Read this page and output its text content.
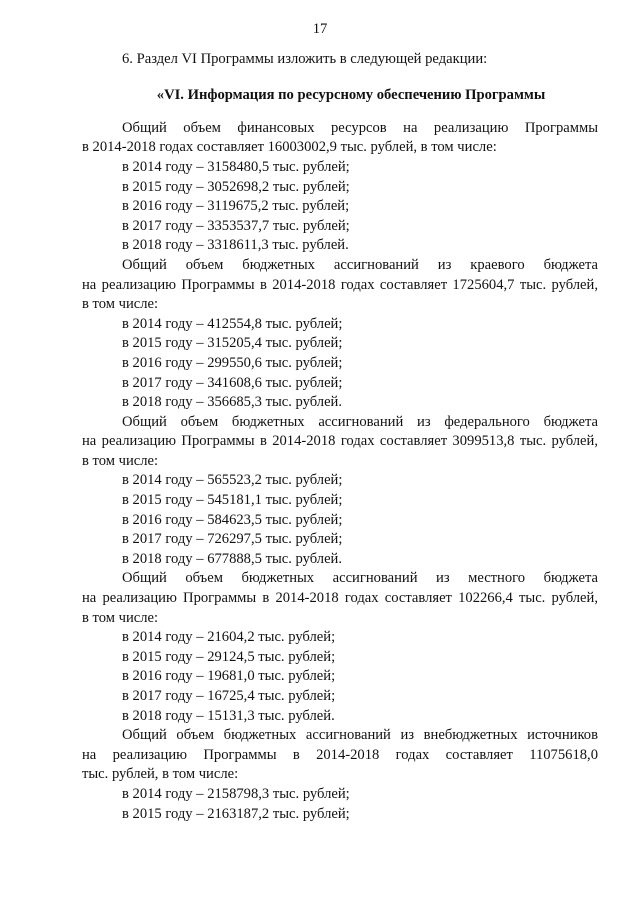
17

6. Раздел VI Программы изложить в следующей редакции:

«VI. Информация по ресурсному обеспечению Программы

Общий объем финансовых ресурсов на реализацию Программы

в 2014-2018 годах составляет 16003002,9 тыс. рублей, в том числе:

в 2014 году – 3158480,5 тыс. рублей;

в 2015 году – 3052698,2 тыс. рублей;

в 2016 году – 3119675,2 тыс. рублей;

в 2017 году – 3353537,7 тыс. рублей;

в 2018 году – 3318611,3 тыс. рублей.

Общий объем бюджетных ассигнований из краевого бюджета

на реализацию Программы в 2014-2018 годах составляет 1725604,7 тыс. рублей,

в том числе:

в 2014 году – 412554,8 тыс. рублей;

в 2015 году – 315205,4 тыс. рублей;

в 2016 году – 299550,6 тыс. рублей;

в 2017 году – 341608,6 тыс. рублей;

в 2018 году – 356685,3 тыс. рублей.

Общий объем бюджетных ассигнований из федерального бюджета

на реализацию Программы в 2014-2018 годах составляет 3099513,8 тыс. рублей,

в том числе:

в 2014 году – 565523,2 тыс. рублей;

в 2015 году – 545181,1 тыс. рублей;

в 2016 году – 584623,5 тыс. рублей;

в 2017 году – 726297,5 тыс. рублей;

в 2018 году – 677888,5 тыс. рублей.

Общий объем бюджетных ассигнований из местного бюджета

на реализацию Программы в 2014-2018 годах составляет 102266,4 тыс. рублей,

в том числе:

в 2014 году – 21604,2 тыс. рублей;

в 2015 году – 29124,5 тыс. рублей;

в 2016 году – 19681,0 тыс. рублей;

в 2017 году – 16725,4 тыс. рублей;

в 2018 году – 15131,3 тыс. рублей.

Общий объем бюджетных ассигнований из внебюджетных источников

на реализацию Программы в 2014-2018 годах составляет 11075618,0

тыс. рублей, в том числе:

в 2014 году – 2158798,3 тыс. рублей;

в 2015 году – 2163187,2 тыс. рублей;
